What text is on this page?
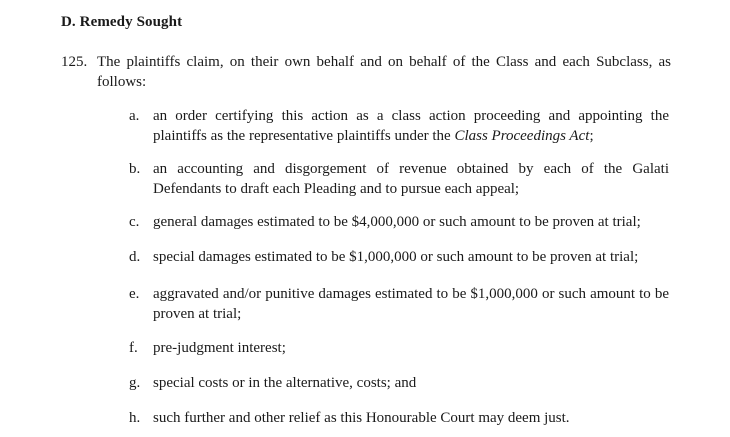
D. Remedy Sought
125. The plaintiffs claim, on their own behalf and on behalf of the Class and each Subclass, as follows:
a. an order certifying this action as a class action proceeding and appointing the plaintiffs as the representative plaintiffs under the Class Proceedings Act;
b. an accounting and disgorgement of revenue obtained by each of the Galati Defendants to draft each Pleading and to pursue each appeal;
c. general damages estimated to be $4,000,000 or such amount to be proven at trial;
d. special damages estimated to be $1,000,000 or such amount to be proven at trial;
e. aggravated and/or punitive damages estimated to be $1,000,000 or such amount to be proven at trial;
f.	pre-judgment interest;
g. special costs or in the alternative, costs; and
h. such further and other relief as this Honourable Court may deem just.
